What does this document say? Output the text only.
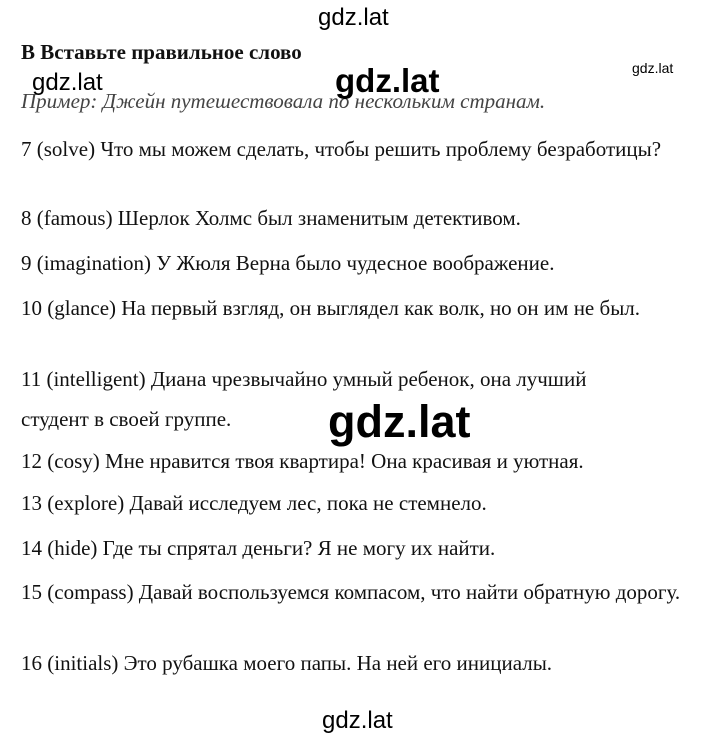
B Вставьте правильное слово
Пример: Джейн путешествовала по нескольким странам.
7 (solve) Что мы можем сделать, чтобы решить проблему безработицы?
8 (famous) Шерлок Холмс был знаменитым детективом.
9 (imagination) У Жюля Верна было чудесное воображение.
10 (glance) На первый взгляд, он выглядел как волк, но он им не был.
11 (intelligent) Диана чрезвычайно умный ребенок, она лучший
студент в своей группе.
12 (cosy) Мне нравится твоя квартира! Она красивая и уютная.
13 (explore) Давай исследуем лес, пока не стемнело.
14 (hide) Где ты спрятал деньги? Я не могу их найти.
15 (compass) Давай воспользуемся компасом, что найти обратную дорогу.
16 (initials) Это рубашка моего папы. На ней его инициалы.
gdz.lat
gdz.lat	gdz.lat	gdz.lat
gdz.lat
gdz.lat
